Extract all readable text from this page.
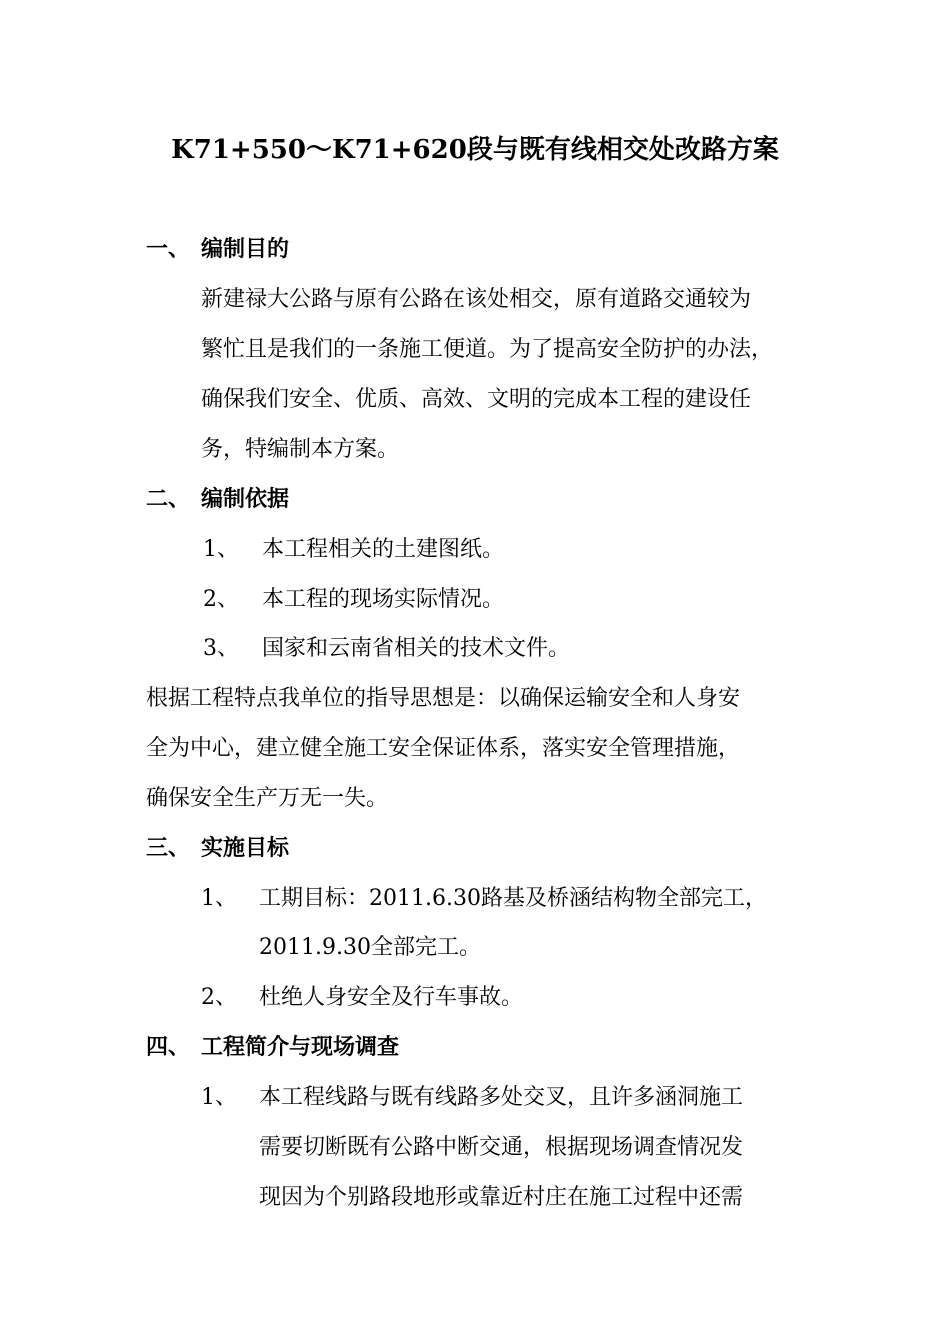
K71+550～K71+620段与既有线相交处改路方案
一、 编制目的
新建禄大公路与原有公路在该处相交，原有道路交通较为
繁忙且是我们的一条施工便道。为了提高安全防护的办法，
确保我们安全、优质、高效、文明的完成本工程的建设任
务，特编制本方案。
二、 编制依据
1、 本工程相关的土建图纸。
2、 本工程的现场实际情况。
3、 国家和云南省相关的技术文件。
根据工程特点我单位的指导思想是：以确保运输安全和人身安
全为中心，建立健全施工安全保证体系，落实安全管理措施，
确保安全生产万无一失。
三、 实施目标
1、 工期目标：2011.6.30路基及桥涵结构物全部完工，
2011.9.30全部完工。
2、 杜绝人身安全及行车事故。
四、 工程简介与现场调查
1、 本工程线路与既有线路多处交叉，且许多涵洞施工
需要切断既有公路中断交通，根据现场调查情况发
现因为个别路段地形或靠近村庄在施工过程中还需
